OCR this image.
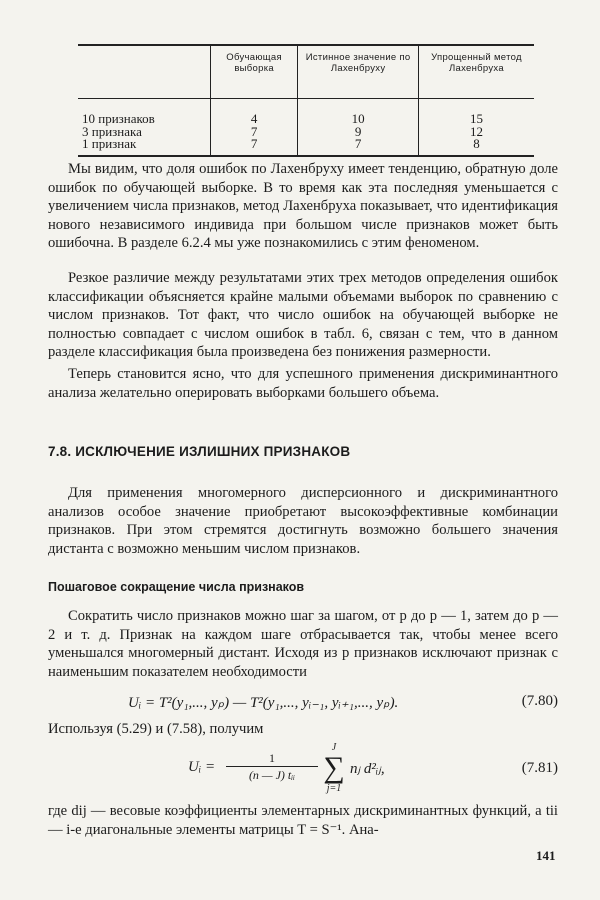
	Обучающая выборка	Истинное значение по Лахенбруху	Упрощенный метод Лахенбруха
10 признаков	4	10	15
3 признака	7	9	12
1 признак	7	7	8

Мы видим, что доля ошибок по Лахенбруху имеет тенденцию, обратную доле ошибок по обучающей выборке. В то время как эта последняя уменьшается с увеличением числа признаков, метод Лахенбруха показывает, что идентификация нового независимого индивида при большом числе признаков может быть ошибочна. В разделе 6.2.4 мы уже познакомились с этим феноменом.

Резкое различие между результатами этих трех методов определения ошибок классификации объясняется крайне малыми объемами выборок по сравнению с числом признаков. Тот факт, что число ошибок на обучающей выборке не полностью совпадает с числом ошибок в табл. 6, связан с тем, что в данном разделе классификация была произведена без понижения размерности.

Теперь становится ясно, что для успешного применения дискриминантного анализа желательно оперировать выборками большего объема.

7.8. ИСКЛЮЧЕНИЕ ИЗЛИШНИХ ПРИЗНАКОВ

Для применения многомерного дисперсионного и дискриминантного анализов особое значение приобретают высокоэффективные комбинации признаков. При этом стремятся достигнуть возможно большего значения дистанта с возможно меньшим числом признаков.

Пошаговое сокращение числа признаков

Сократить число признаков можно шаг за шагом, от p до p — 1, затем до p — 2 и т. д. Признак на каждом шаге отбрасывается так, чтобы менее всего уменьшался многомерный дистант. Исходя из p признаков исключают признак с наименьшим показателем необходимости

Uᵢ = T²(y₁,..., yₚ) — T²(y₁,..., yᵢ₋₁, yᵢ₊₁,..., yₚ).	(7.80)

Используя (5.29) и (7.58), получим

Uᵢ =
1
(n — J) tᵢᵢ
J
∑
j=1
nⱼ d²ᵢⱼ,	(7.81)

где dij — весовые коэффициенты элементарных дискриминантных функций, а tii — i-е диагональные элементы матрицы T = S⁻¹. Ана-

141
